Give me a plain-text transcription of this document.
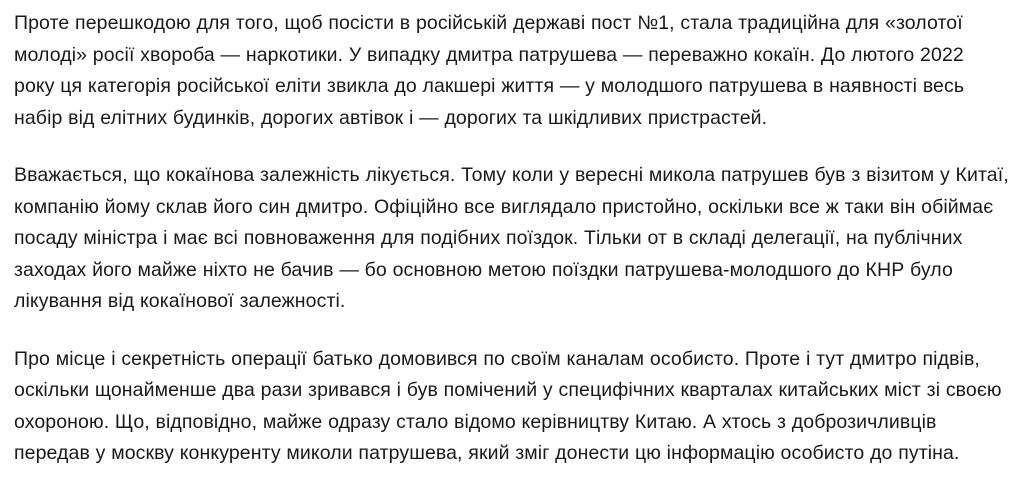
Проте перешкодою для того, щоб посісти в російській державі пост №1, стала традиційна для «золотої молоді» росії хвороба — наркотики. У випадку дмитра патрушева — переважно кокаїн. До лютого 2022 року ця категорія російської еліти звикла до лакшері життя — у молодшого патрушева в наявності весь набір від елітних будинків, дорогих автівок і — дорогих та шкідливих пристрастей.

Вважається, що кокаїнова залежність лікується. Тому коли у вересні микола патрушев був з візитом у Китаї, компанію йому склав його син дмитро. Офіційно все виглядало пристойно, оскільки все ж таки він обіймає посаду міністра і має всі повноваження для подібних поїздок. Тільки от в складі делегації, на публічних заходах його майже ніхто не бачив — бо основною метою поїздки патрушева-молодшого до КНР було лікування від кокаїнової залежності.

Про місце і секретність операції батько домовився по своїм каналам особисто. Проте і тут дмитро підвів, оскільки щонайменше два рази зривався і був помічений у специфічних кварталах китайських міст зі своєю охороною. Що, відповідно, майже одразу стало відомо керівництву Китаю. А хтось з доброзичливців передав у москву конкуренту миколи патрушева, який зміг донести цю інформацію особисто до путіна.
